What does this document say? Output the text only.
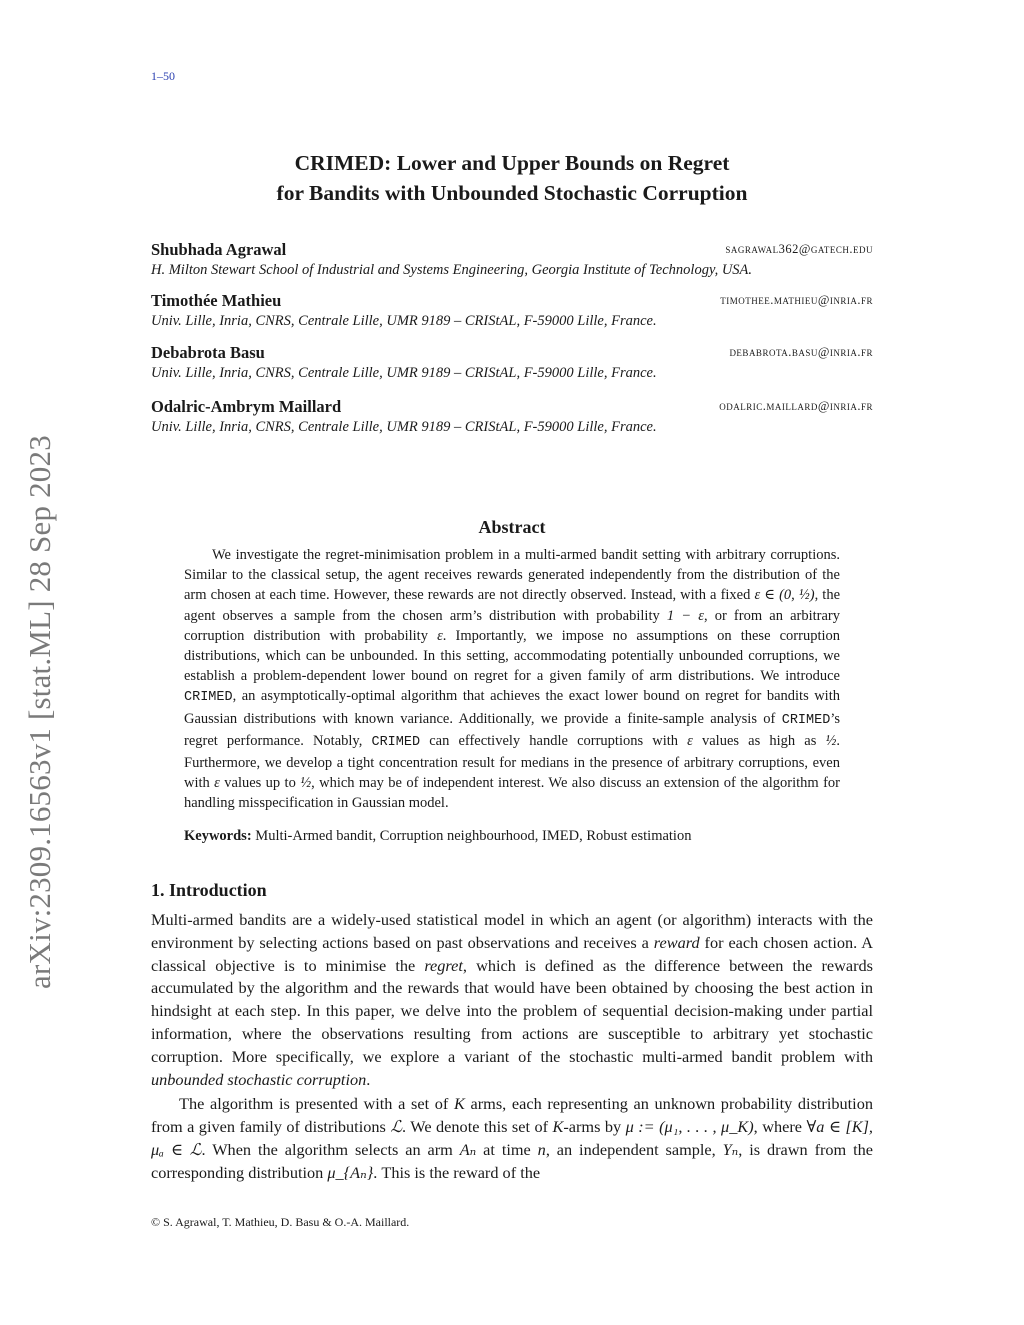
1–50
arXiv:2309.16563v1 [stat.ML] 28 Sep 2023
CRIMED: Lower and Upper Bounds on Regret
for Bandits with Unbounded Stochastic Corruption
Shubhada Agrawal	sagrawal362@gatech.edu
H. Milton Stewart School of Industrial and Systems Engineering, Georgia Institute of Technology, USA.
Timothée Mathieu	timothee.mathieu@inria.fr
Univ. Lille, Inria, CNRS, Centrale Lille, UMR 9189 – CRIStAL, F-59000 Lille, France.
Debabrota Basu	debabrota.basu@inria.fr
Univ. Lille, Inria, CNRS, Centrale Lille, UMR 9189 – CRIStAL, F-59000 Lille, France.
Odalric-Ambrym Maillard	odalric.maillard@inria.fr
Univ. Lille, Inria, CNRS, Centrale Lille, UMR 9189 – CRIStAL, F-59000 Lille, France.
Abstract

We investigate the regret-minimisation problem in a multi-armed bandit setting with arbitrary corruptions. Similar to the classical setup, the agent receives rewards generated independently from the distribution of the arm chosen at each time. However, these rewards are not directly observed. Instead, with a fixed ε ∈ (0, ½), the agent observes a sample from the chosen arm’s distribution with probability 1 − ε, or from an arbitrary corruption distribution with probability ε. Importantly, we impose no assumptions on these corruption distributions, which can be unbounded. In this setting, accommodating potentially unbounded corruptions, we establish a problem-dependent lower bound on regret for a given family of arm distributions. We introduce CRIMED, an asymptotically-optimal algorithm that achieves the exact lower bound on regret for bandits with Gaussian distributions with known variance. Additionally, we provide a finite-sample analysis of CRIMED’s regret performance. Notably, CRIMED can effectively handle corruptions with ε values as high as ½. Furthermore, we develop a tight concentration result for medians in the presence of arbitrary corruptions, even with ε values up to ½, which may be of independent interest. We also discuss an extension of the algorithm for handling misspecification in Gaussian model.

Keywords: Multi-Armed bandit, Corruption neighbourhood, IMED, Robust estimation
1. Introduction

Multi-armed bandits are a widely-used statistical model in which an agent (or algorithm) interacts with the environment by selecting actions based on past observations and receives a reward for each chosen action. A classical objective is to minimise the regret, which is defined as the difference between the rewards accumulated by the algorithm and the rewards that would have been obtained by choosing the best action in hindsight at each step. In this paper, we delve into the problem of sequential decision-making under partial information, where the observations resulting from actions are susceptible to arbitrary yet stochastic corruption. More specifically, we explore a variant of the stochastic multi-armed bandit problem with unbounded stochastic corruption.

The algorithm is presented with a set of K arms, each representing an unknown probability distribution from a given family of distributions ℒ. We denote this set of K-arms by μ := (μ₁, . . . , μ_K), where ∀a ∈ [K], μₐ ∈ ℒ. When the algorithm selects an arm Aₙ at time n, an independent sample, Yₙ, is drawn from the corresponding distribution μ_{Aₙ}. This is the reward of the

© S. Agrawal, T. Mathieu, D. Basu & O.-A. Maillard.
